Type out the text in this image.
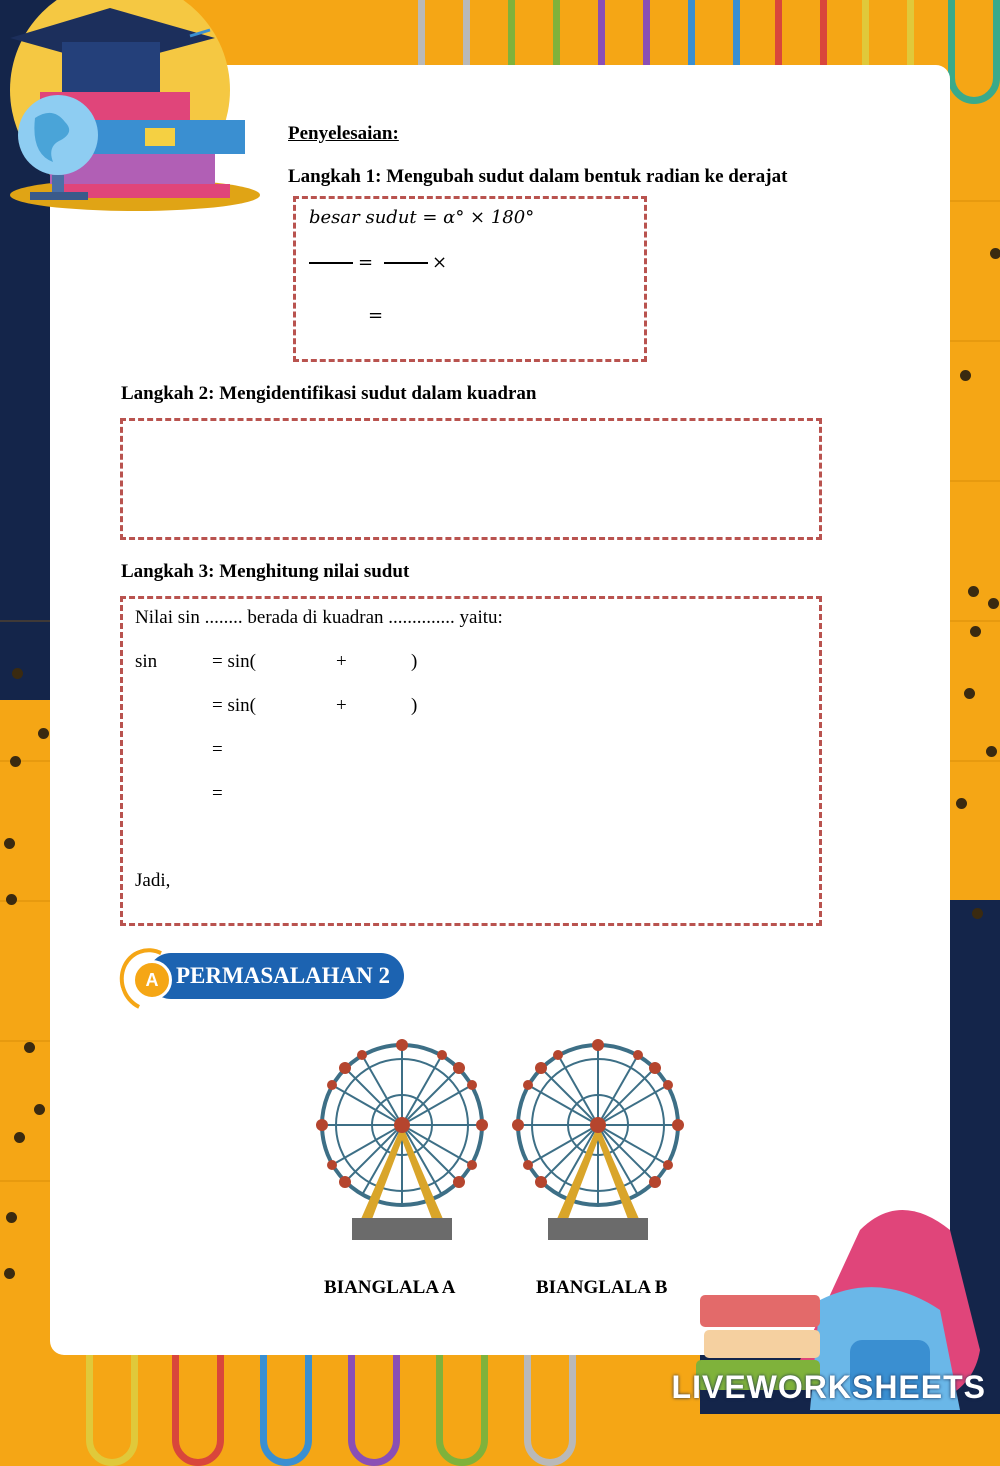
Penyelesaian:
Langkah 1: Mengubah sudut dalam bentuk radian ke derajat
besar sudut = α° × 180°
=	×
=
Langkah 2: Mengidentifikasi sudut dalam kuadran
Langkah 3: Menghitung nilai sudut
Nilai sin ........ berada di kuadran .............. yaitu:
sin	= sin(	+	)
= sin(	+	)
=
=
Jadi,
A PERMASALAHAN 2
BIANGLALA A	BIANGLALA B
LIVEWORKSHEETS
